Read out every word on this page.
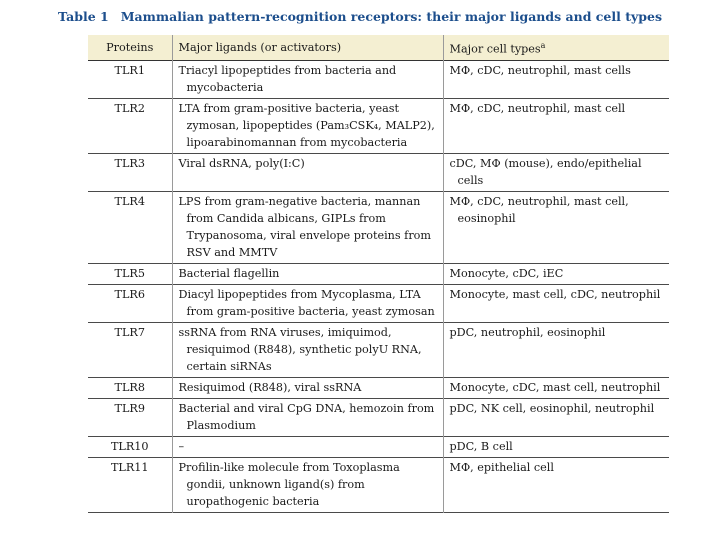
Table 1 Mammalian pattern-recognition receptors: their major ligands and cell types
Proteins	Major ligands (or activators)	Major cell types$^a$
TLR1	Triacyl lipopeptides from bacteria and mycobacteria	MΦ, cDC, neutrophil, mast cells

TLR2	LTA from gram-positive bacteria, yeast zymosan, lipopeptides (Pam₃CSK₄, MALP2), lipoarabinomannan from mycobacteria	MΦ, cDC, neutrophil, mast cell

TLR3	Viral dsRNA, poly(I:C)	cDC, MΦ (mouse), endo/epithelial cells

TLR4	LPS from gram-negative bacteria, mannan from Candida albicans, GIPLs from Trypanosoma, viral envelope proteins from RSV and MMTV	MΦ, cDC, neutrophil, mast cell, eosinophil

TLR5	Bacterial flagellin	Monocyte, cDC, iEC

TLR6	Diacyl lipopeptides from Mycoplasma, LTA from gram-positive bacteria, yeast zymosan	Monocyte, mast cell, cDC, neutrophil

TLR7	ssRNA from RNA viruses, imiquimod, resiquimod (R848), synthetic polyU RNA, certain siRNAs	pDC, neutrophil, eosinophil

TLR8	Resiquimod (R848), viral ssRNA	Monocyte, cDC, mast cell, neutrophil

TLR9	Bacterial and viral CpG DNA, hemozoin from Plasmodium	pDC, NK cell, eosinophil, neutrophil

TLR10	–	pDC, B cell

TLR11	Profilin-like molecule from Toxoplasma gondii, unknown ligand(s) from uropathogenic bacteria	MΦ, epithelial cell
